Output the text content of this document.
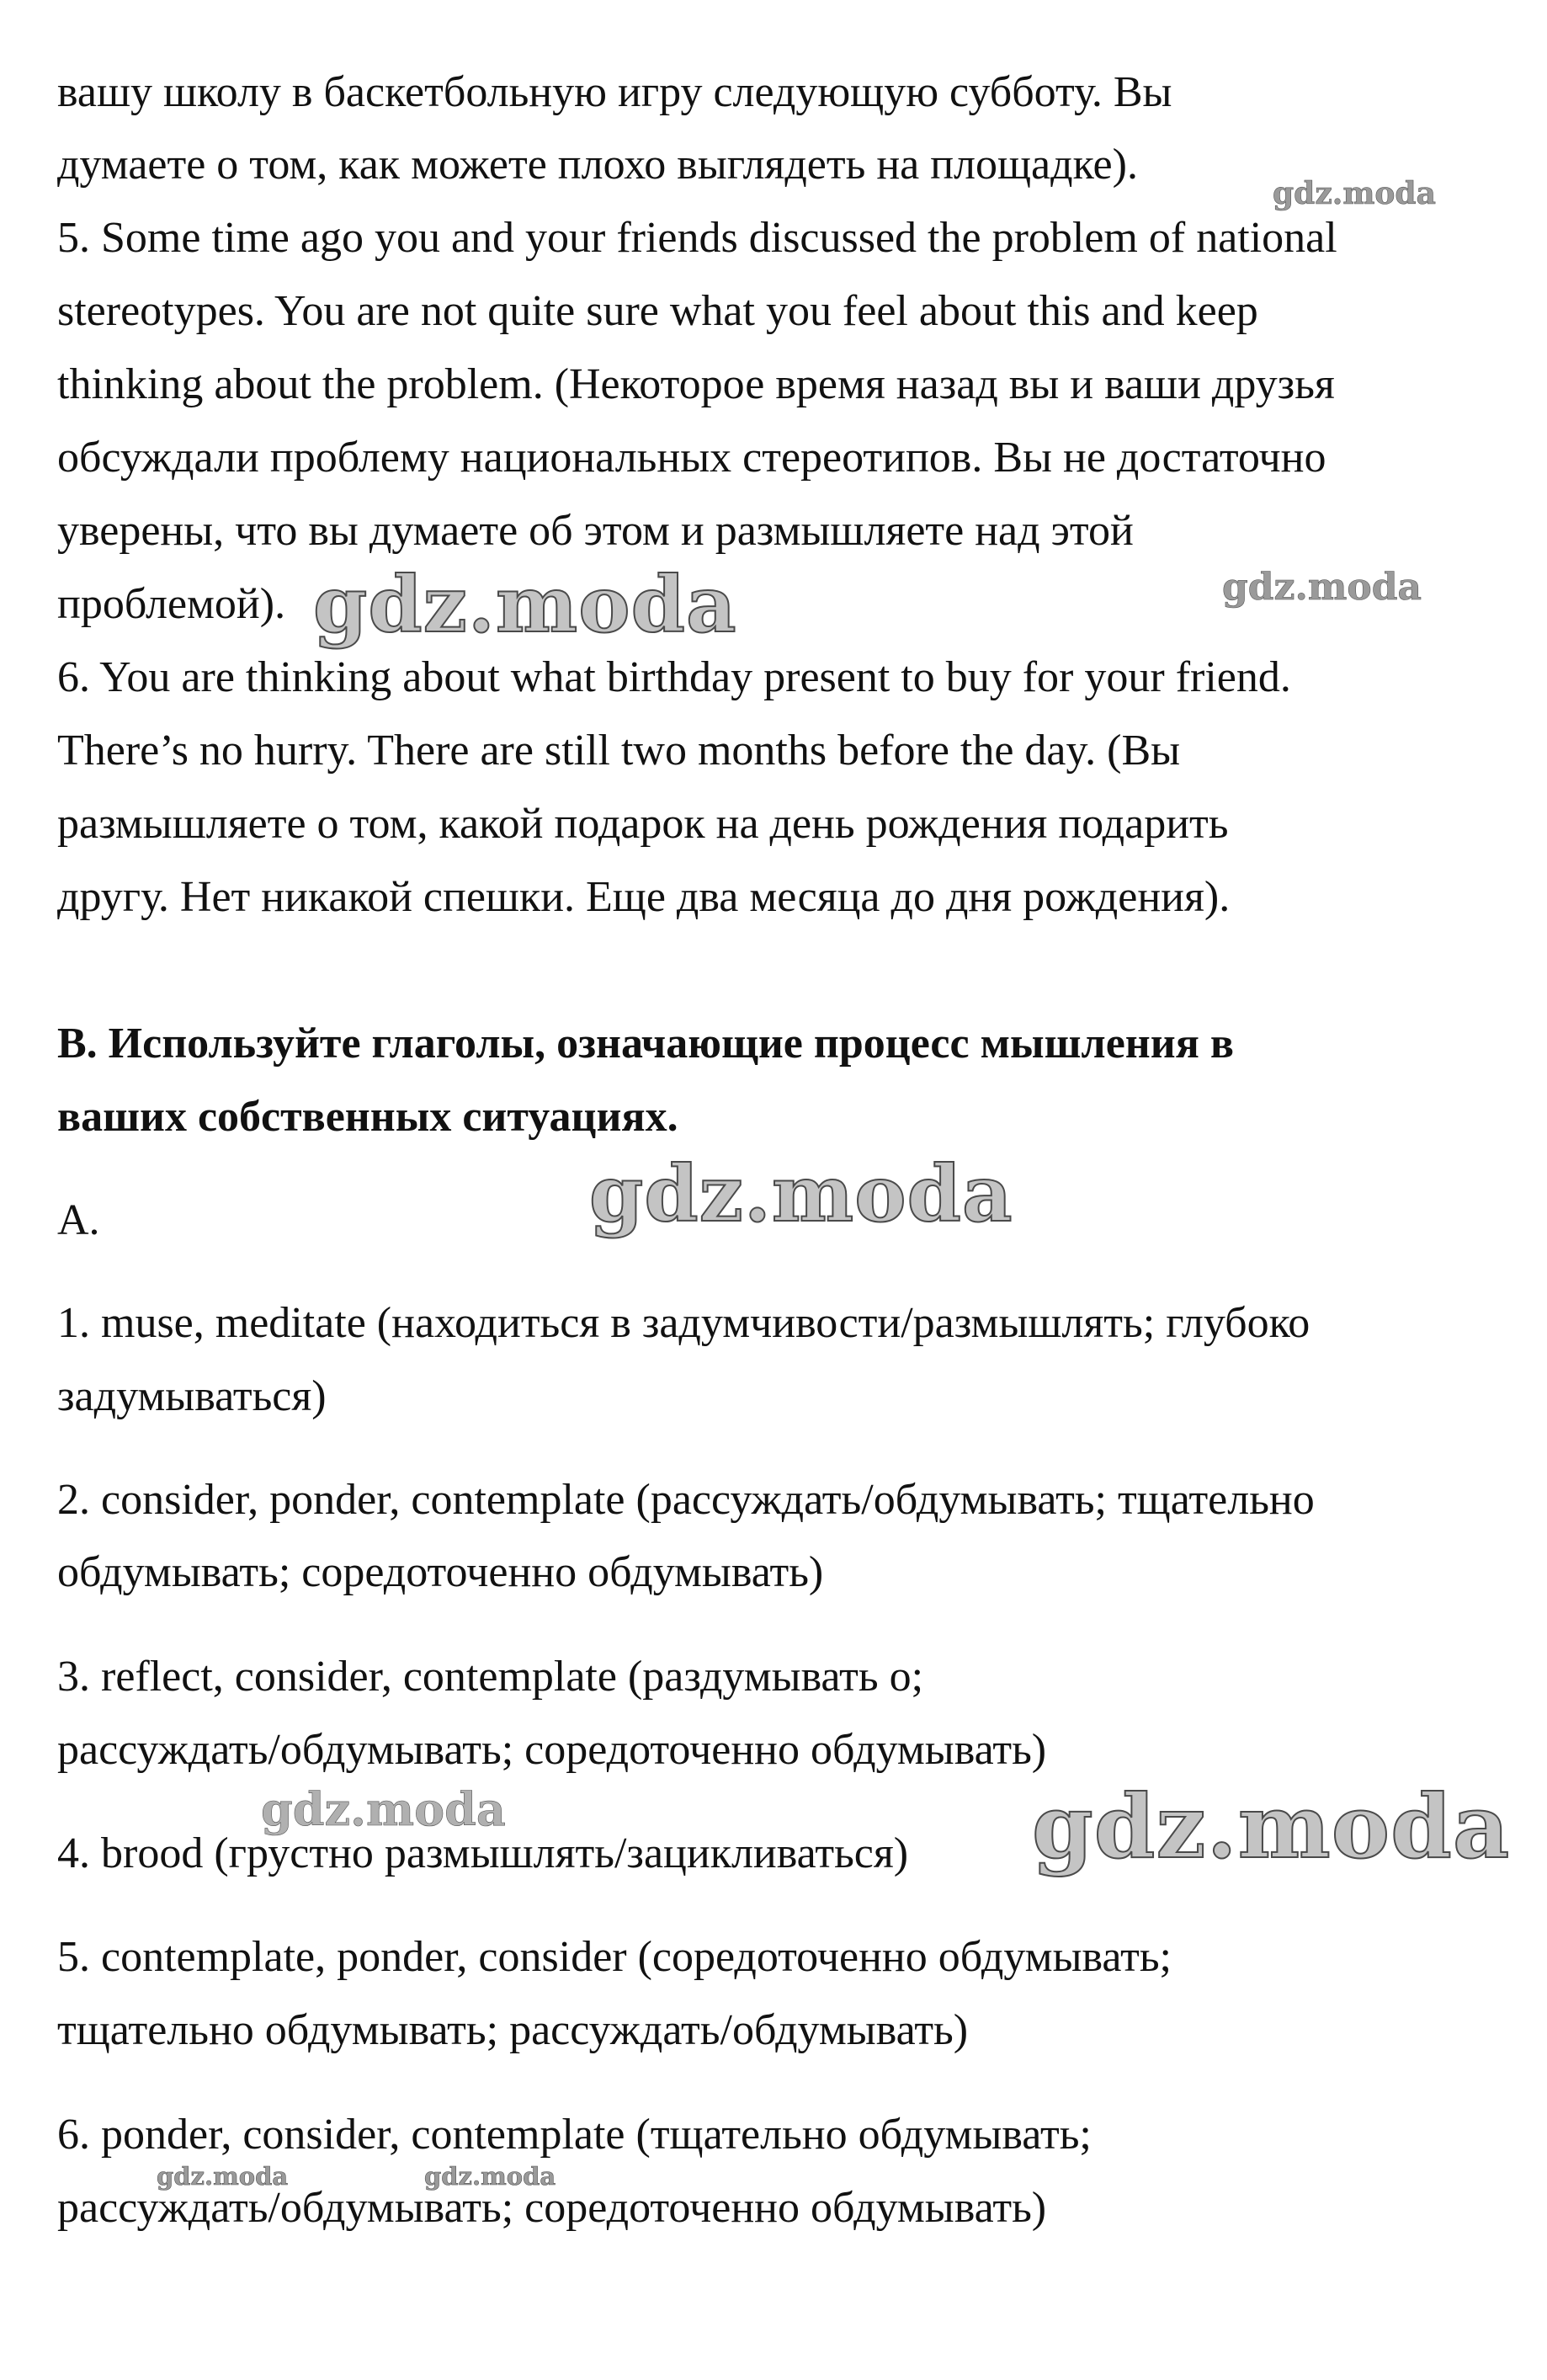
вашу школу в баскетбольную игру следующую субботу. Вы

думаете о том, как можете плохо выглядеть на площадке).

5. Some time ago you and your friends discussed the problem of national

stereotypes. You are not quite sure what you feel about this and keep

thinking about the problem. (Некоторое время назад вы и ваши друзья

обсуждали проблему национальных стереотипов. Вы не достаточно

уверены, что вы думаете об этом и размышляете над этой

проблемой).

6. You are thinking about what birthday present to buy for your friend.

There’s no hurry. There are still two months before the day. (Вы

размышляете о том, какой подарок на день рождения подарить

другу. Нет никакой спешки. Еще два месяца до дня рождения).

B. Используйте глаголы, означающие процесс мышления в

ваших собственных ситуациях.

A.

1. muse, meditate (находиться в задумчивости/размышлять; глубоко

задумываться)

2. consider, ponder, contemplate (рассуждать/обдумывать; тщательно

обдумывать; соредоточенно обдумывать)

3. reflect, consider, contemplate (раздумывать о;

рассуждать/обдумывать; соредоточенно обдумывать)

4. brood (грустно размышлять/зацикливаться)

5. contemplate, ponder, consider (соредоточенно обдумывать;

тщательно обдумывать; рассуждать/обдумывать)

6. ponder, consider, contemplate (тщательно обдумывать;

рассуждать/обдумывать; соредоточенно обдумывать)

gdz.moda
gdz.moda	gdz.moda
gdz.moda
gdz.moda	gdz.moda
gdz.moda	gdz.moda
